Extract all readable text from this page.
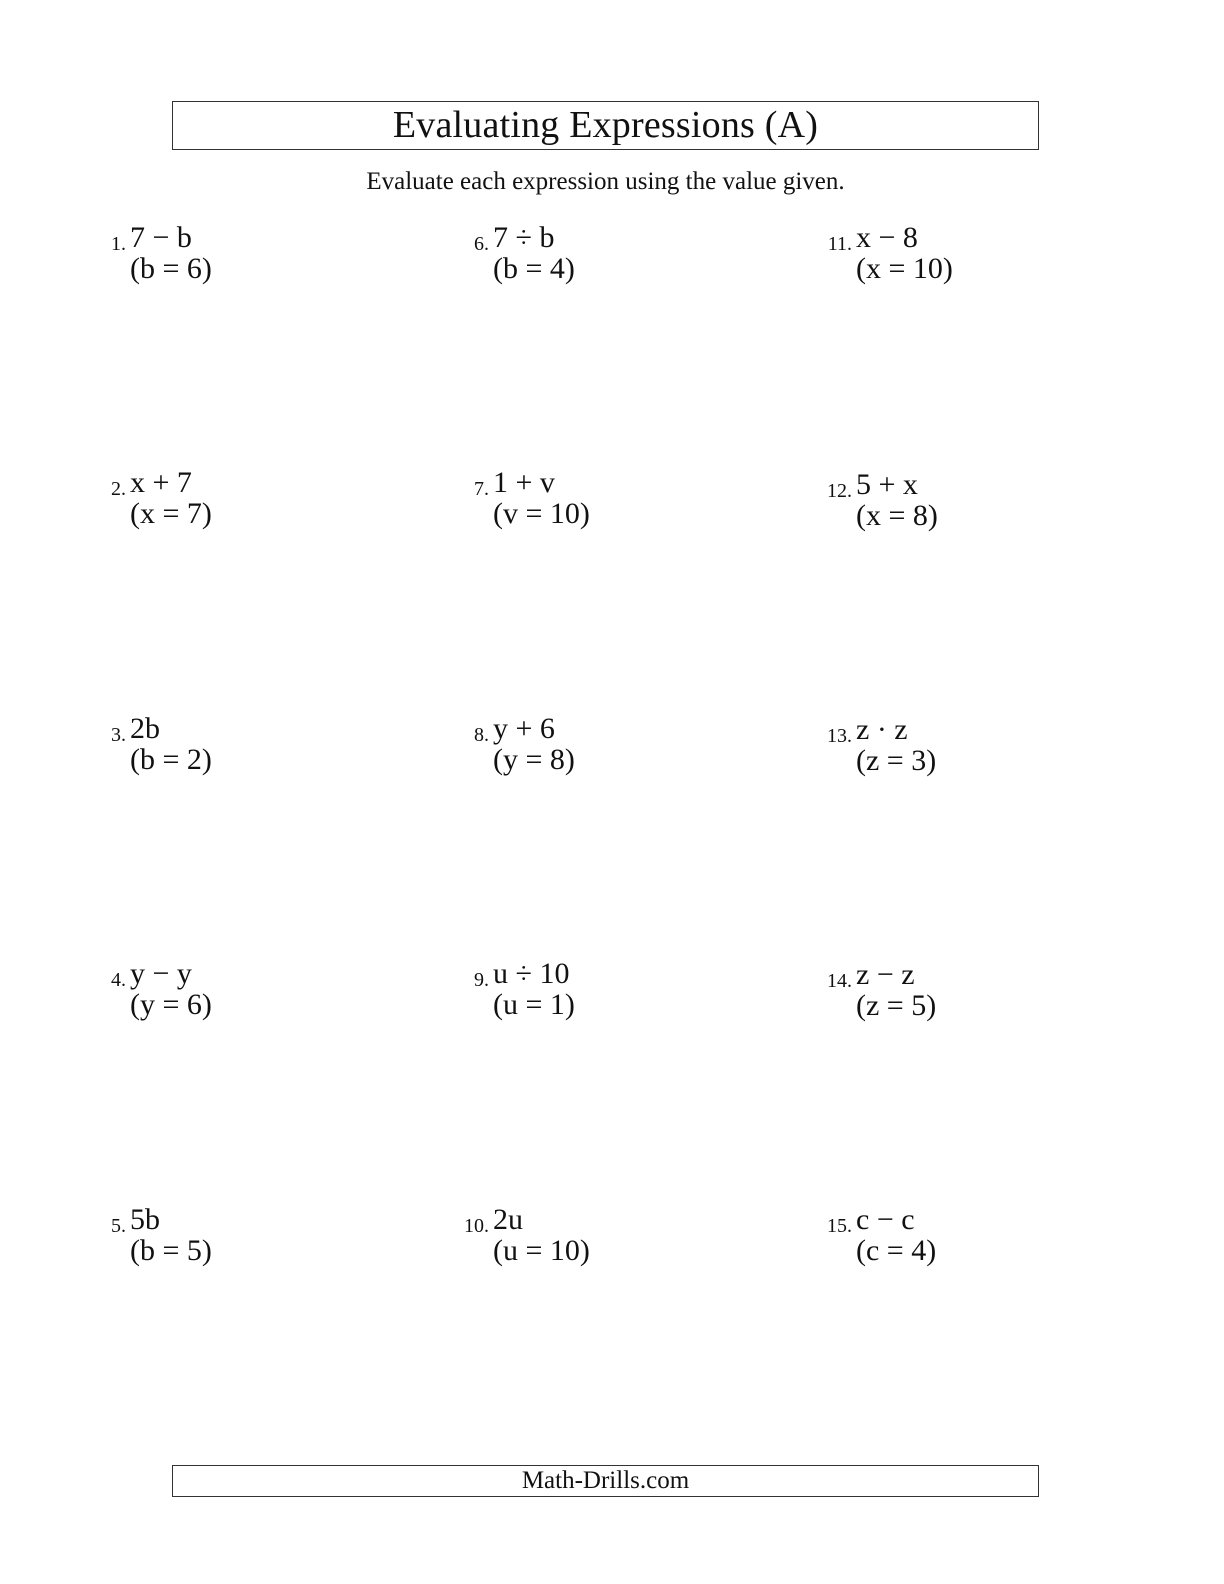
Evaluating Expressions (A)
Evaluate each expression using the value given.
1. 7 − b
(b = 6)
2. x + 7
(x = 7)
3. 2b
(b = 2)
4. y − y
(y = 6)
5. 5b
(b = 5)
6. 7 ÷ b
(b = 4)
7. 1 + v
(v = 10)
8. y + 6
(y = 8)
9. u ÷ 10
(u = 1)
10. 2u
(u = 10)
11. x − 8
(x = 10)
12. 5 + x
(x = 8)
13. z · z
(z = 3)
14. z − z
(z = 5)
15. c − c
(c = 4)
Math-Drills.com
